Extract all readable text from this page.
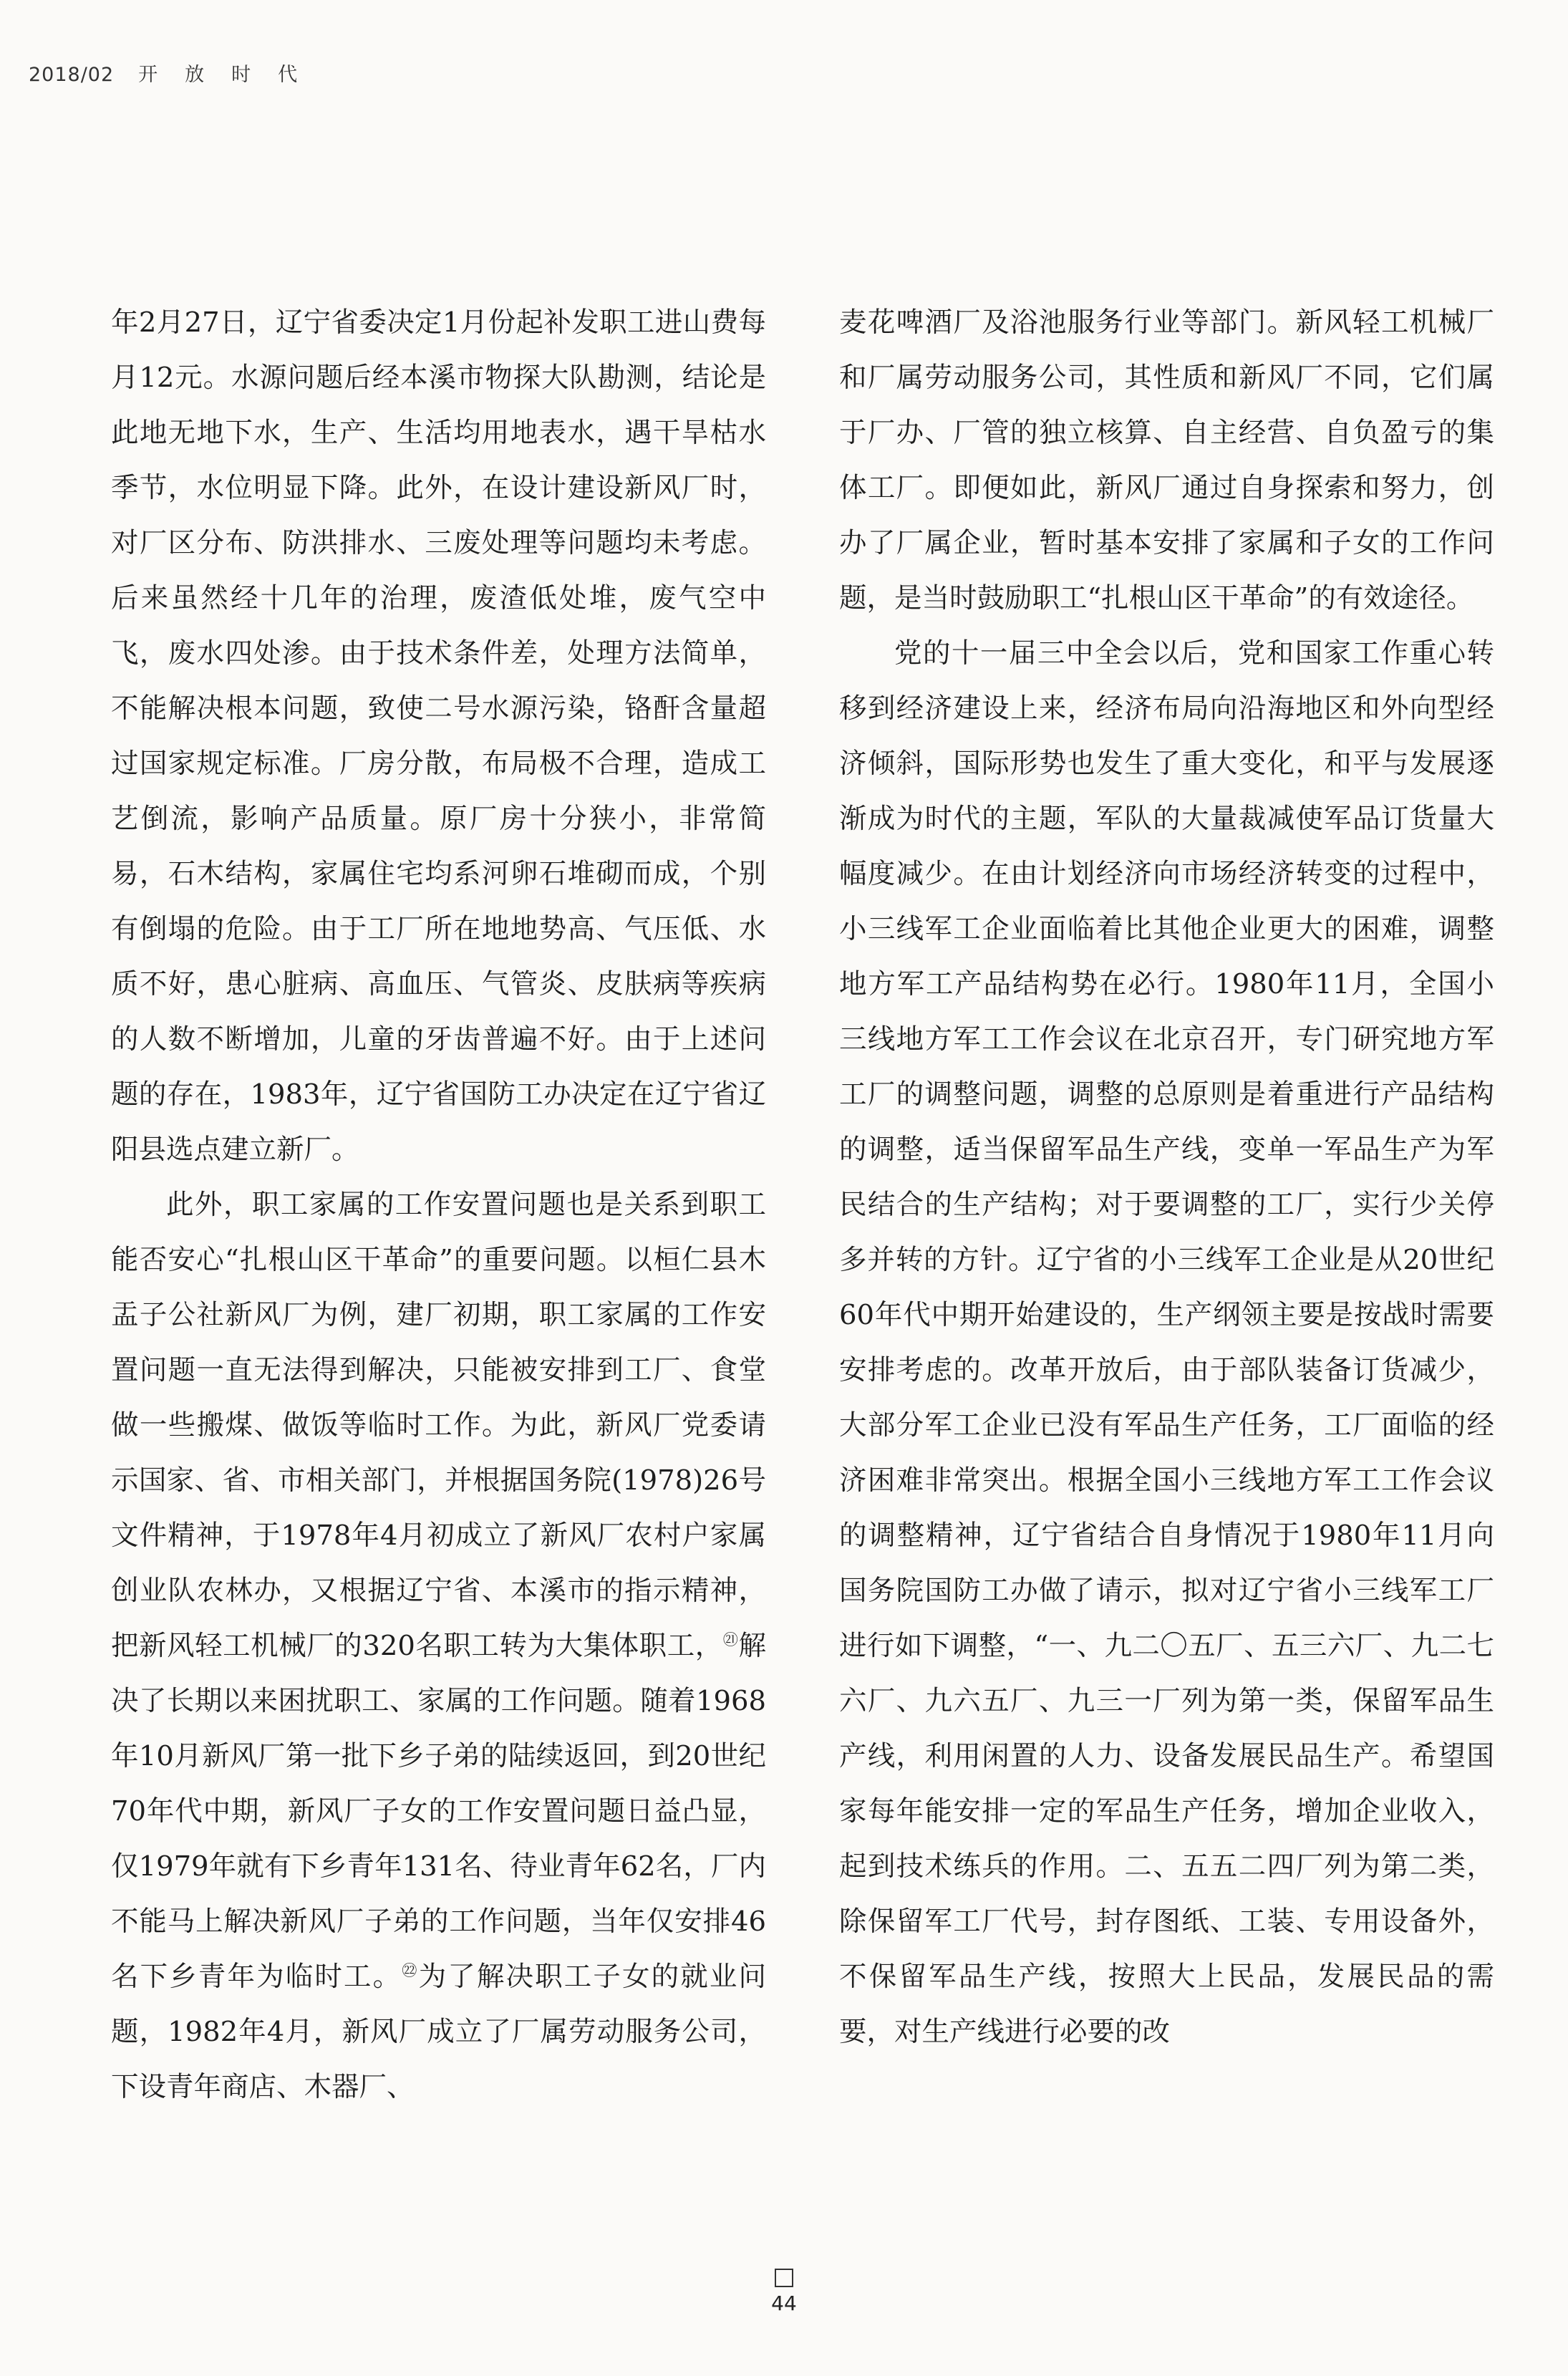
2018/02 开放时代

年2月27日，辽宁省委决定1月份起补发职工进山费每月12元。水源问题后经本溪市物探大队勘测，结论是此地无地下水，生产、生活均用地表水，遇干旱枯水季节，水位明显下降。此外，在设计建设新风厂时，对厂区分布、防洪排水、三废处理等问题均未考虑。后来虽然经十几年的治理，废渣低处堆，废气空中飞，废水四处渗。由于技术条件差，处理方法简单，不能解决根本问题，致使二号水源污染，铬酐含量超过国家规定标准。厂房分散，布局极不合理，造成工艺倒流，影响产品质量。原厂房十分狭小，非常简易，石木结构，家属住宅均系河卵石堆砌而成，个别有倒塌的危险。由于工厂所在地地势高、气压低、水质不好，患心脏病、高血压、气管炎、皮肤病等疾病的人数不断增加，儿童的牙齿普遍不好。由于上述问题的存在，1983年，辽宁省国防工办决定在辽宁省辽阳县选点建立新厂。

此外，职工家属的工作安置问题也是关系到职工能否安心“扎根山区干革命”的重要问题。以桓仁县木盂子公社新风厂为例，建厂初期，职工家属的工作安置问题一直无法得到解决，只能被安排到工厂、食堂做一些搬煤、做饭等临时工作。为此，新风厂党委请示国家、省、市相关部门，并根据国务院(1978)26号文件精神，于1978年4月初成立了新风厂农村户家属创业队农林办，又根据辽宁省、本溪市的指示精神，把新风轻工机械厂的320名职工转为大集体职工，$^㉑$解决了长期以来困扰职工、家属的工作问题。随着1968年10月新风厂第一批下乡子弟的陆续返回，到20世纪70年代中期，新风厂子女的工作安置问题日益凸显，仅1979年就有下乡青年131名、待业青年62名，厂内不能马上解决新风厂子弟的工作问题，当年仅安排46名下乡青年为临时工。$^㉒$为了解决职工子女的就业问题，1982年4月，新风厂成立了厂属劳动服务公司，下设青年商店、木器厂、

麦花啤酒厂及浴池服务行业等部门。新风轻工机械厂和厂属劳动服务公司，其性质和新风厂不同，它们属于厂办、厂管的独立核算、自主经营、自负盈亏的集体工厂。即便如此，新风厂通过自身探索和努力，创办了厂属企业，暂时基本安排了家属和子女的工作问题，是当时鼓励职工“扎根山区干革命”的有效途径。

党的十一届三中全会以后，党和国家工作重心转移到经济建设上来，经济布局向沿海地区和外向型经济倾斜，国际形势也发生了重大变化，和平与发展逐渐成为时代的主题，军队的大量裁减使军品订货量大幅度减少。在由计划经济向市场经济转变的过程中，小三线军工企业面临着比其他企业更大的困难，调整地方军工产品结构势在必行。1980年11月，全国小三线地方军工工作会议在北京召开，专门研究地方军工厂的调整问题，调整的总原则是着重进行产品结构的调整，适当保留军品生产线，变单一军品生产为军民结合的生产结构；对于要调整的工厂，实行少关停多并转的方针。辽宁省的小三线军工企业是从20世纪60年代中期开始建设的，生产纲领主要是按战时需要安排考虑的。改革开放后，由于部队装备订货减少，大部分军工企业已没有军品生产任务，工厂面临的经济困难非常突出。根据全国小三线地方军工工作会议的调整精神，辽宁省结合自身情况于1980年11月向国务院国防工办做了请示，拟对辽宁省小三线军工厂进行如下调整，“一、九二〇五厂、五三六厂、九二七六厂、九六五厂、九三一厂列为第一类，保留军品生产线，利用闲置的人力、设备发展民品生产。希望国家每年能安排一定的军品生产任务，增加企业收入，起到技术练兵的作用。二、五五二四厂列为第二类，除保留军工厂代号，封存图纸、工装、专用设备外，不保留军品生产线，按照大上民品，发展民品的需要，对生产线进行必要的改

44
